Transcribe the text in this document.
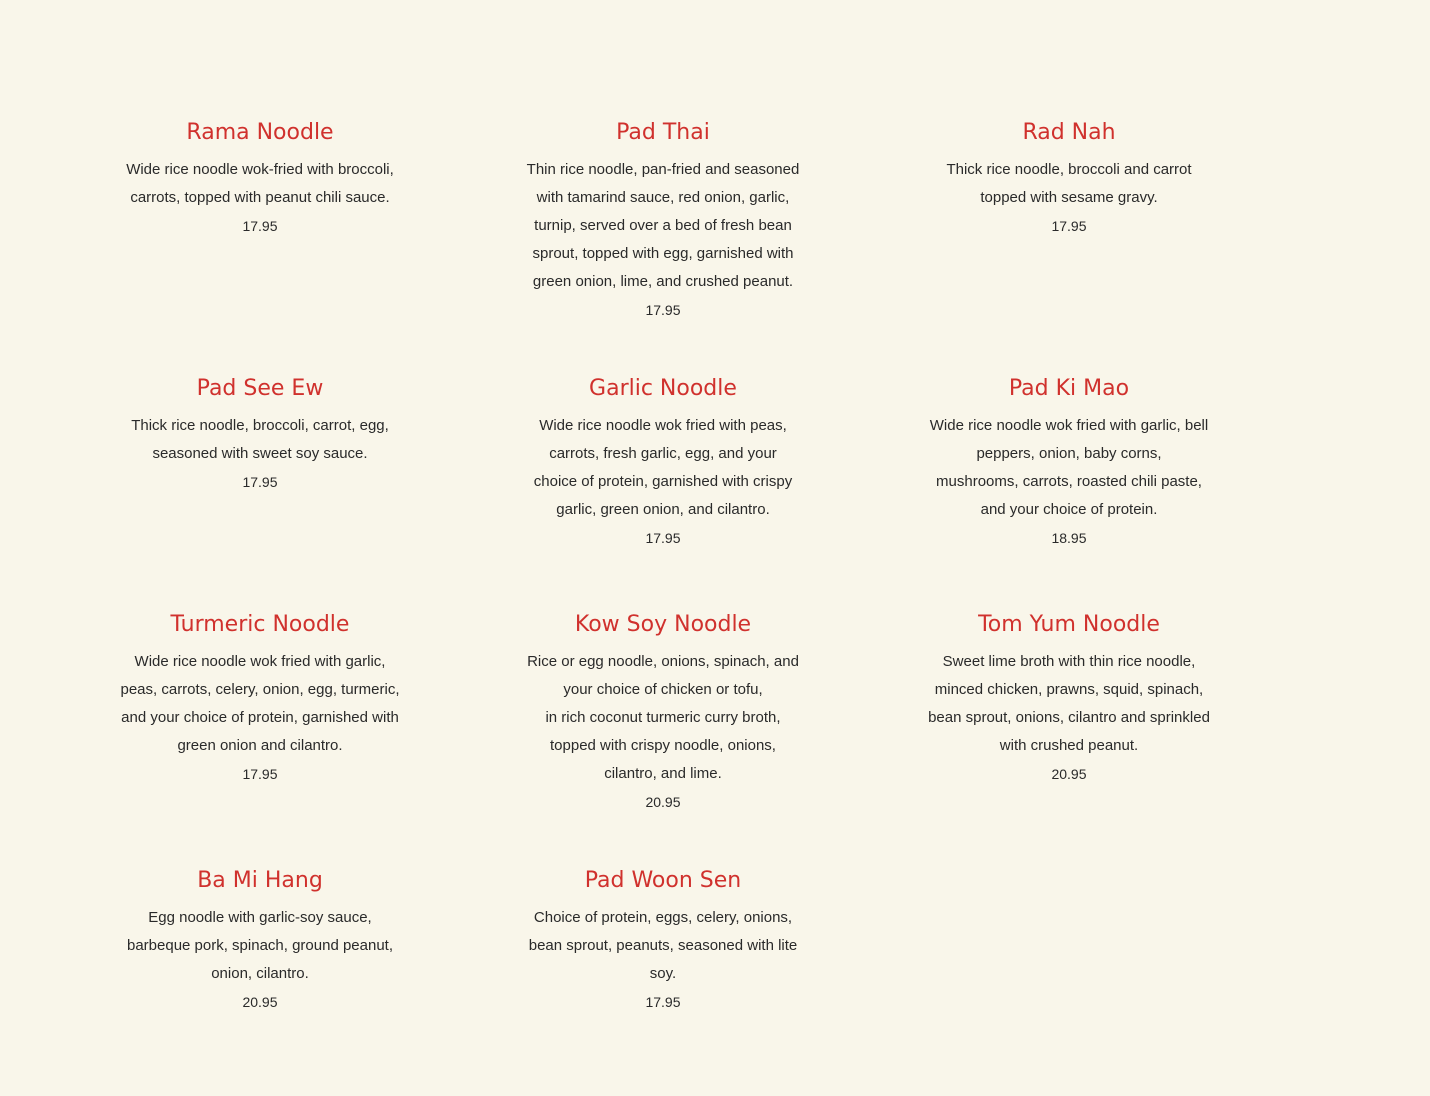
Rama Noodle
Wide rice noodle wok-fried with broccoli,
carrots, topped with peanut chili sauce.
17.95
Pad Thai
Thin rice noodle, pan-fried and seasoned
with tamarind sauce, red onion, garlic,
turnip, served over a bed of fresh bean
sprout, topped with egg, garnished with
green onion, lime, and crushed peanut.
17.95
Rad Nah
Thick rice noodle, broccoli and carrot
topped with sesame gravy.
17.95
Pad See Ew
Thick rice noodle, broccoli, carrot, egg,
seasoned with sweet soy sauce.
17.95
Garlic Noodle
Wide rice noodle wok fried with peas,
carrots, fresh garlic, egg, and your
choice of protein, garnished with crispy
garlic, green onion, and cilantro.
17.95
Pad Ki Mao
Wide rice noodle wok fried with garlic, bell
peppers, onion, baby corns,
mushrooms, carrots, roasted chili paste,
and your choice of protein.
18.95
Turmeric Noodle
Wide rice noodle wok fried with garlic,
peas, carrots, celery, onion, egg, turmeric,
and your choice of protein, garnished with
green onion and cilantro.
17.95
Kow Soy Noodle
Rice or egg noodle, onions, spinach, and
your choice of chicken or tofu,
in rich coconut turmeric curry broth,
topped with crispy noodle, onions,
cilantro, and lime.
20.95
Tom Yum Noodle
Sweet lime broth with thin rice noodle,
minced chicken, prawns, squid, spinach,
bean sprout, onions, cilantro and sprinkled
with crushed peanut.
20.95
Ba Mi Hang
Egg noodle with garlic-soy sauce,
barbeque pork, spinach, ground peanut,
onion, cilantro.
20.95
Pad Woon Sen
Choice of protein, eggs, celery, onions,
bean sprout, peanuts, seasoned with lite
soy.
17.95
